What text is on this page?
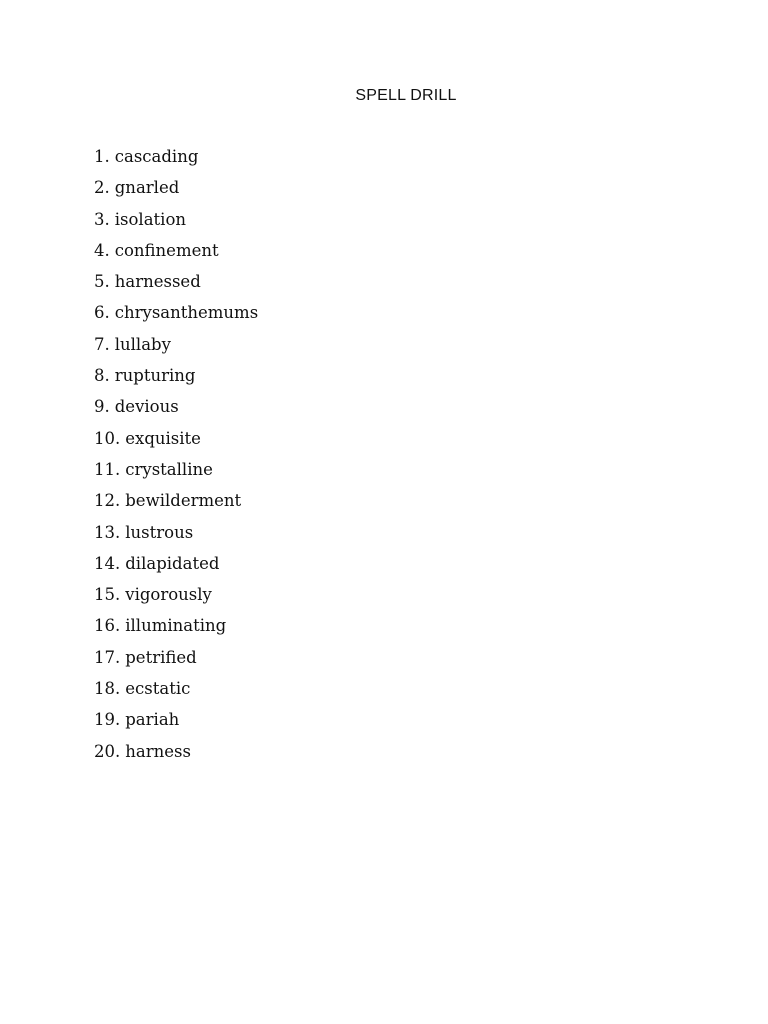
SPELL DRILL
1. cascading
2. gnarled
3. isolation
4. confinement
5. harnessed
6. chrysanthemums
7. lullaby
8. rupturing
9. devious
10. exquisite
11. crystalline
12. bewilderment
13. lustrous
14. dilapidated
15. vigorously
16. illuminating
17. petrified
18. ecstatic
19. pariah
20. harness
